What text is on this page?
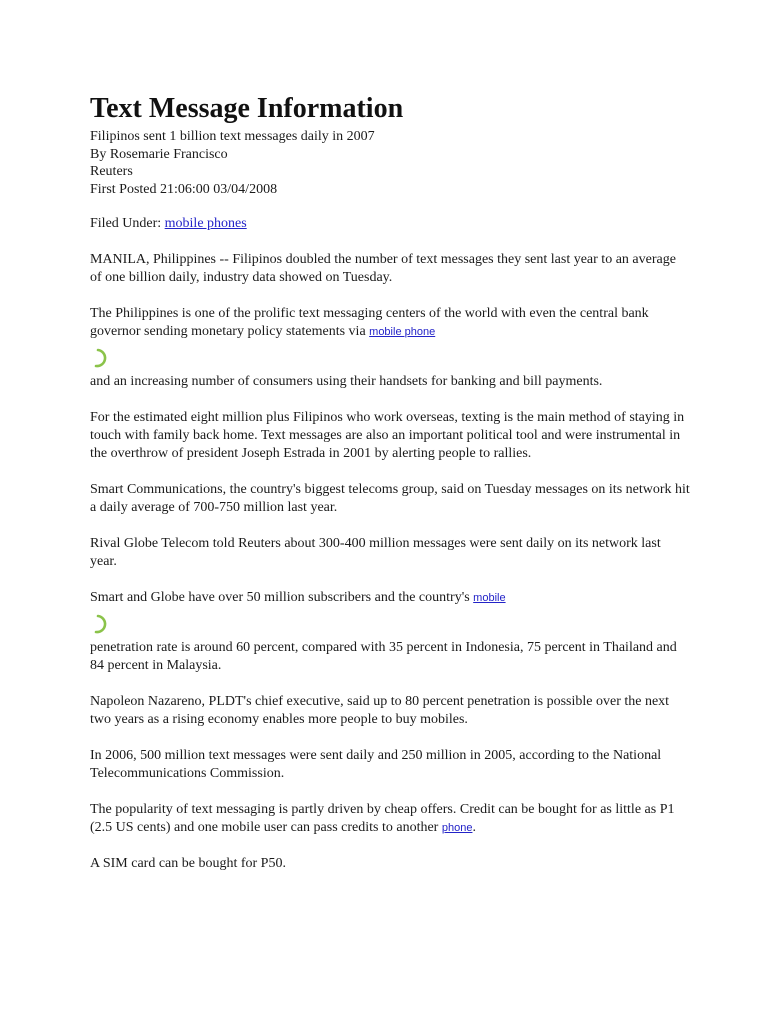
Text Message Information
Filipinos sent 1 billion text messages daily in 2007
By Rosemarie Francisco
Reuters
First Posted 21:06:00 03/04/2008
Filed Under: mobile phones

MANILA, Philippines -- Filipinos doubled the number of text messages they sent last year to an average of one billion daily, industry data showed on Tuesday.

The Philippines is one of the prolific text messaging centers of the world with even the central bank governor sending monetary policy statements via mobile phone

and an increasing number of consumers using their handsets for banking and bill payments.

For the estimated eight million plus Filipinos who work overseas, texting is the main method of staying in touch with family back home. Text messages are also an important political tool and were instrumental in the overthrow of president Joseph Estrada in 2001 by alerting people to rallies.

Smart Communications, the country's biggest telecoms group, said on Tuesday messages on its network hit a daily average of 700-750 million last year.

Rival Globe Telecom told Reuters about 300-400 million messages were sent daily on its network last year.

Smart and Globe have over 50 million subscribers and the country's mobile

penetration rate is around 60 percent, compared with 35 percent in Indonesia, 75 percent in Thailand and 84 percent in Malaysia.

Napoleon Nazareno, PLDT's chief executive, said up to 80 percent penetration is possible over the next two years as a rising economy enables more people to buy mobiles.

In 2006, 500 million text messages were sent daily and 250 million in 2005, according to the National Telecommunications Commission.

The popularity of text messaging is partly driven by cheap offers. Credit can be bought for as little as P1 (2.5 US cents) and one mobile user can pass credits to another phone.

A SIM card can be bought for P50.
